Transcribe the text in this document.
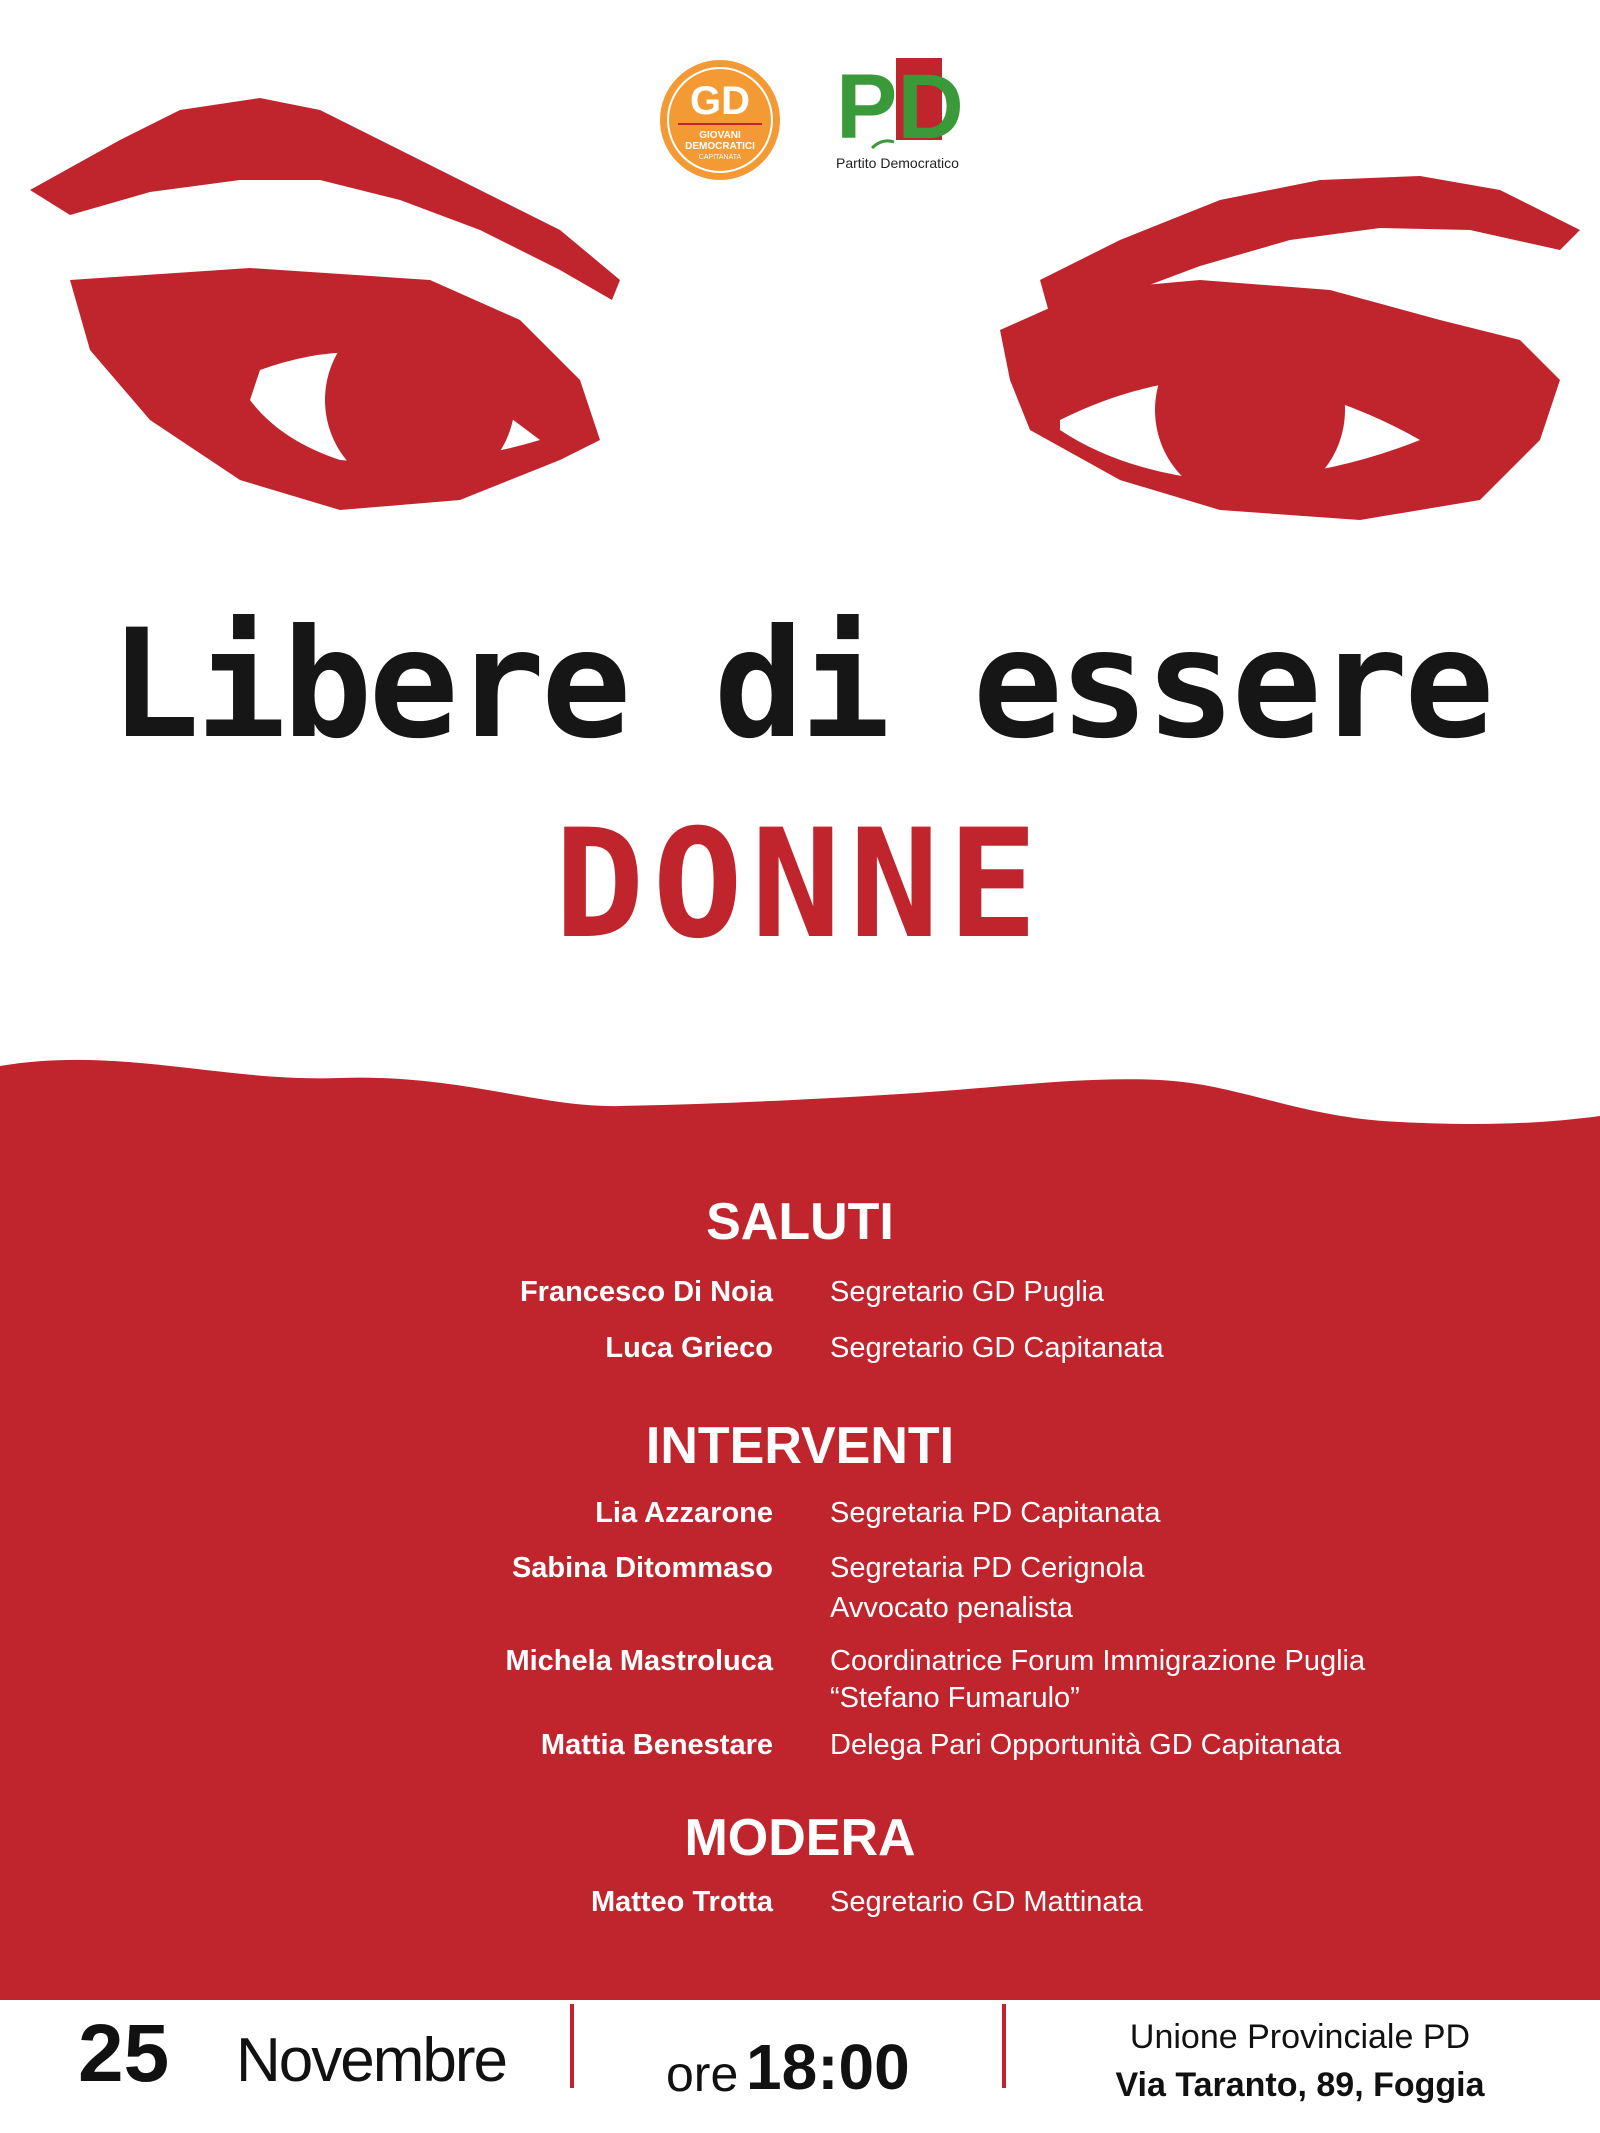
GD
GIOVANI
DEMOCRATICI
CAPITANATA PD
Partito Democratico
Libere di essere
DONNE
SALUTI
Francesco Di Noia Segretario GD Puglia
Luca Grieco Segretario GD Capitanata
INTERVENTI
Lia Azzarone Segretaria PD Capitanata
Sabina Ditommaso Segretaria PD Cerignola
Avvocato penalista
Michela Mastroluca Coordinatrice Forum Immigrazione Puglia
“Stefano Fumarulo”
Mattia Benestare Delega Pari Opportunità GD Capitanata
MODERA
Matteo Trotta Segretario GD Mattinata
25 Novembre	ore 18:00	Unione Provinciale PD
Via Taranto, 89, Foggia
